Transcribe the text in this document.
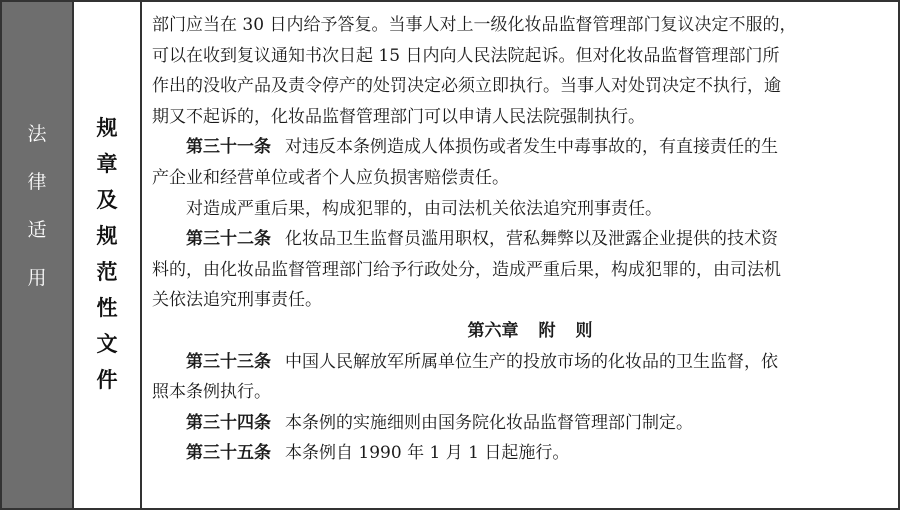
法
律
适
用
规
章
及
规
范
性
文
件
部门应当在 30 日内给予答复。当事人对上一级化妆品监督管理部门复议决定不服的，
可以在收到复议通知书次日起 15 日内向人民法院起诉。但对化妆品监督管理部门所
作出的没收产品及责令停产的处罚决定必须立即执行。当事人对处罚决定不执行，逾
期又不起诉的，化妆品监督管理部门可以申请人民法院强制执行。
第三十一条 对违反本条例造成人体损伤或者发生中毒事故的，有直接责任的生
产企业和经营单位或者个人应负损害赔偿责任。
对造成严重后果，构成犯罪的，由司法机关依法追究刑事责任。
第三十二条 化妆品卫生监督员滥用职权，营私舞弊以及泄露企业提供的技术资
料的，由化妆品监督管理部门给予行政处分，造成严重后果，构成犯罪的，由司法机
关依法追究刑事责任。
第六章 附 则
第三十三条 中国人民解放军所属单位生产的投放市场的化妆品的卫生监督，依
照本条例执行。
第三十四条 本条例的实施细则由国务院化妆品监督管理部门制定。
第三十五条 本条例自 1990 年 1 月 1 日起施行。
